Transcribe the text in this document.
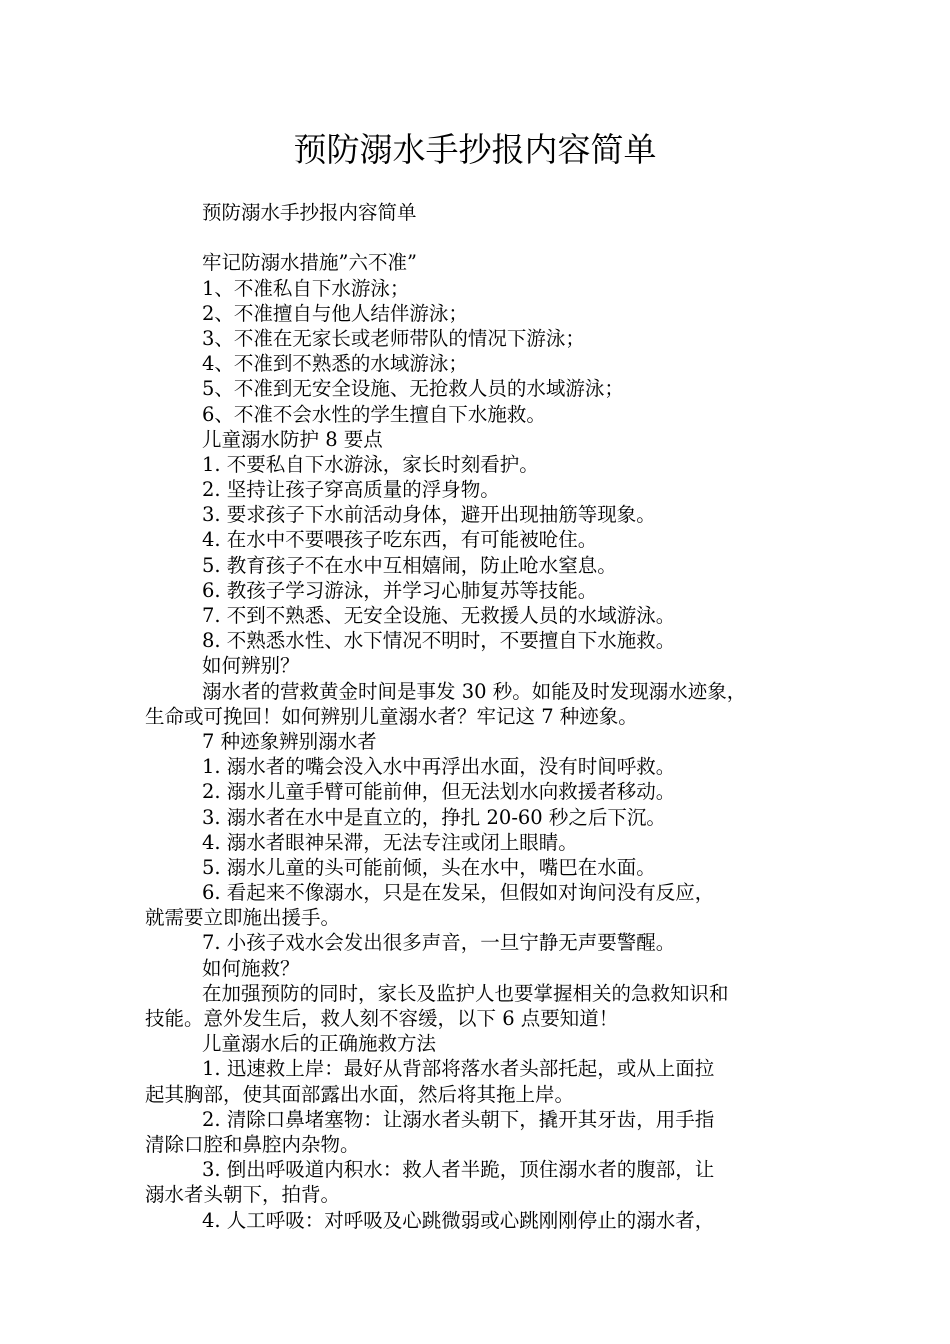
预防溺水手抄报内容简单
预防溺水手抄报内容简单
牢记防溺水措施”六不准”
1、不准私自下水游泳；
2、不准擅自与他人结伴游泳；
3、不准在无家长或老师带队的情况下游泳；
4、不准到不熟悉的水域游泳；
5、不准到无安全设施、无抢救人员的水域游泳；
6、不准不会水性的学生擅自下水施救。
儿童溺水防护 8 要点
1. 不要私自下水游泳，家长时刻看护。
2. 坚持让孩子穿高质量的浮身物。
3. 要求孩子下水前活动身体，避开出现抽筋等现象。
4. 在水中不要喂孩子吃东西，有可能被呛住。
5. 教育孩子不在水中互相嬉闹，防止呛水窒息。
6. 教孩子学习游泳，并学习心肺复苏等技能。
7. 不到不熟悉、无安全设施、无救援人员的水域游泳。
8. 不熟悉水性、水下情况不明时，不要擅自下水施救。
如何辨别？
溺水者的营救黄金时间是事发 30 秒。如能及时发现溺水迹象，
生命或可挽回！如何辨别儿童溺水者？牢记这 7 种迹象。
7 种迹象辨别溺水者
1. 溺水者的嘴会没入水中再浮出水面，没有时间呼救。
2. 溺水儿童手臂可能前伸，但无法划水向救援者移动。
3. 溺水者在水中是直立的，挣扎 20-60 秒之后下沉。
4. 溺水者眼神呆滞，无法专注或闭上眼睛。
5. 溺水儿童的头可能前倾，头在水中，嘴巴在水面。
6. 看起来不像溺水，只是在发呆，但假如对询问没有反应，
就需要立即施出援手。
7. 小孩子戏水会发出很多声音，一旦宁静无声要警醒。
如何施救？
在加强预防的同时，家长及监护人也要掌握相关的急救知识和
技能。意外发生后，救人刻不容缓，以下 6 点要知道！
儿童溺水后的正确施救方法
1. 迅速救上岸：最好从背部将落水者头部托起，或从上面拉
起其胸部，使其面部露出水面，然后将其拖上岸。
2. 清除口鼻堵塞物：让溺水者头朝下，撬开其牙齿，用手指
清除口腔和鼻腔内杂物。
3. 倒出呼吸道内积水：救人者半跪，顶住溺水者的腹部，让
溺水者头朝下，拍背。
4. 人工呼吸：对呼吸及心跳微弱或心跳刚刚停止的溺水者，
